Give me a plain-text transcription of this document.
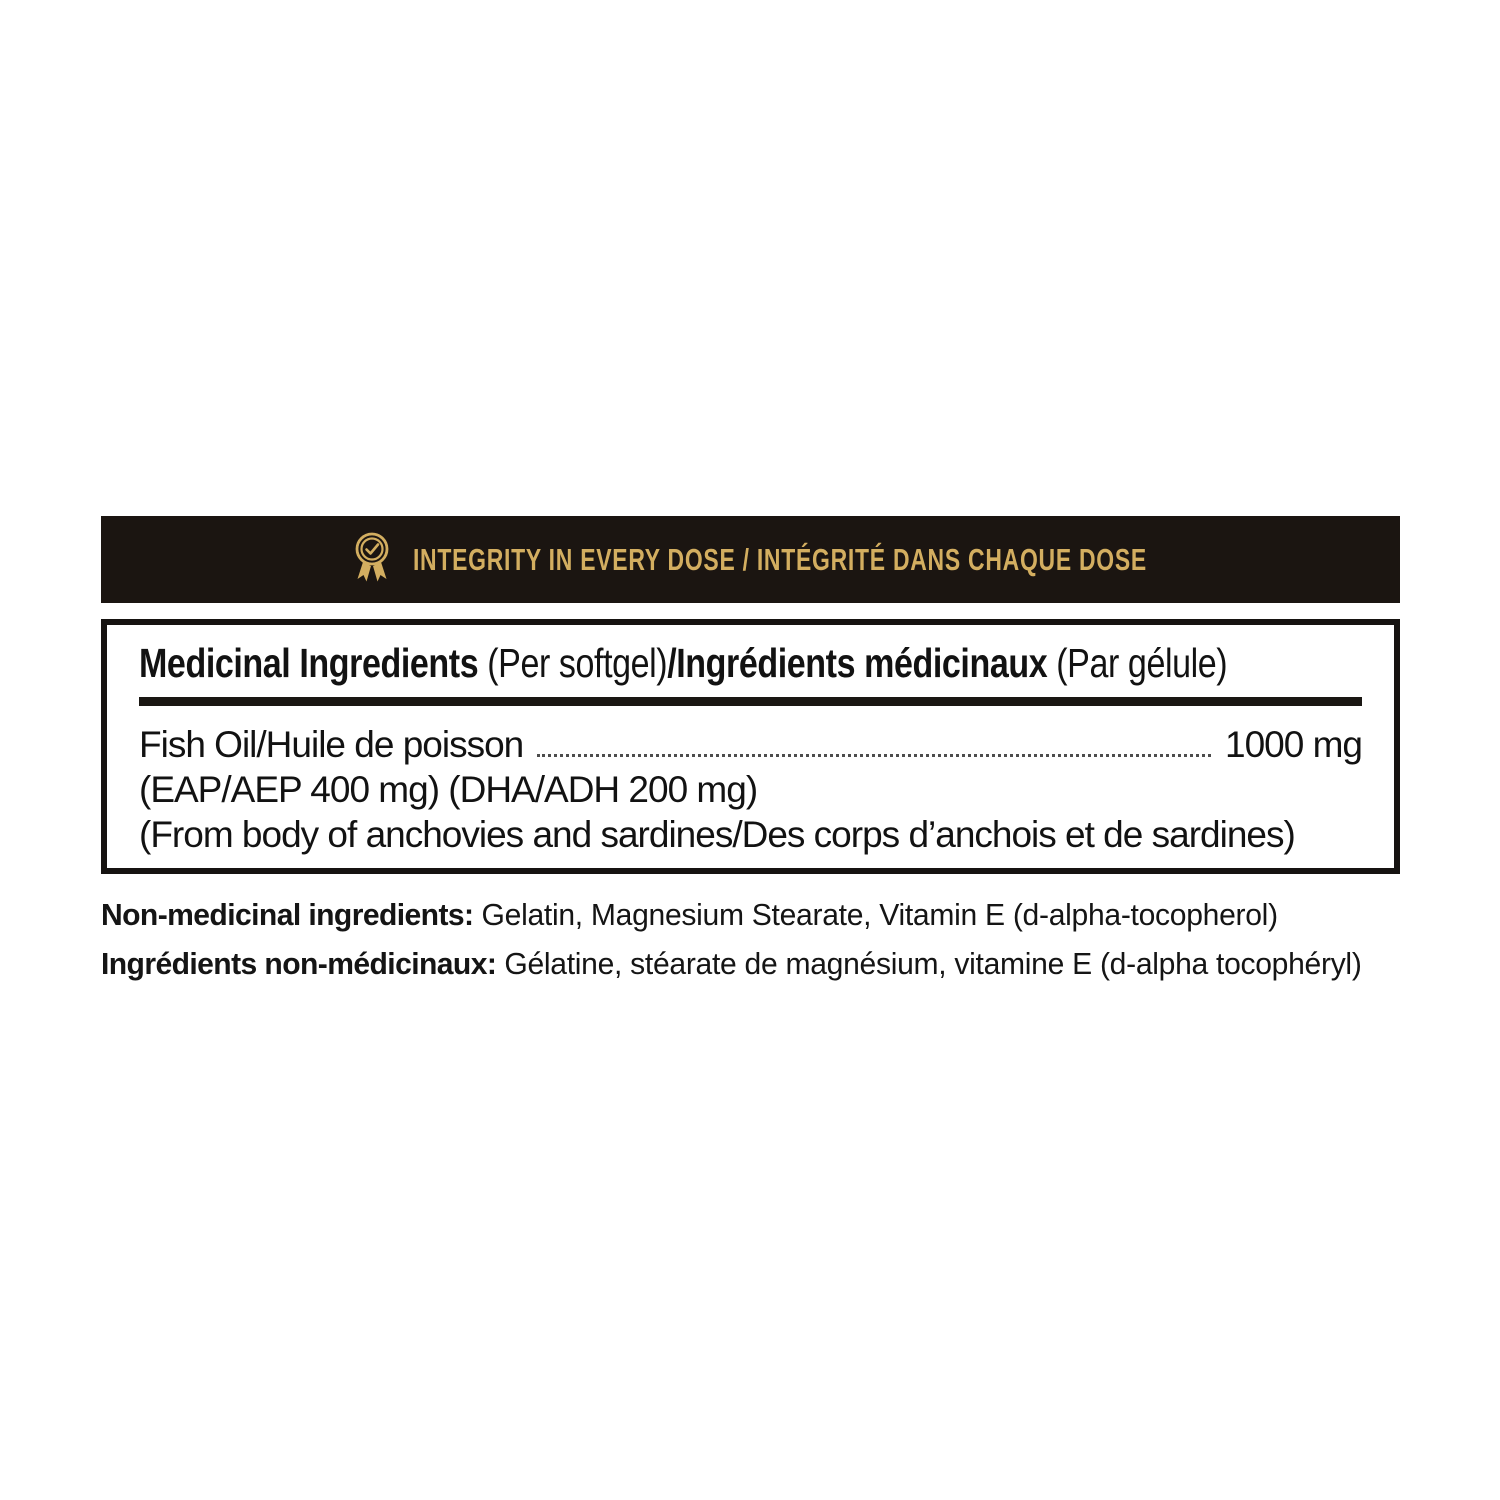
INTEGRITY IN EVERY DOSE / INTÉGRITÉ DANS CHAQUE DOSE
Medicinal Ingredients (Per softgel)/Ingrédients médicinaux (Par gélule)
Fish Oil/Huile de poisson	1000 mg
(EAP/AEP 400 mg) (DHA/ADH 200 mg)
(From body of anchovies and sardines/Des corps d’anchois et de sardines)

Non-medicinal ingredients: Gelatin, Magnesium Stearate, Vitamin E (d-alpha-tocopherol)

Ingrédients non-médicinaux: Gélatine, stéarate de magnésium, vitamine E (d-alpha tocophéryl)
